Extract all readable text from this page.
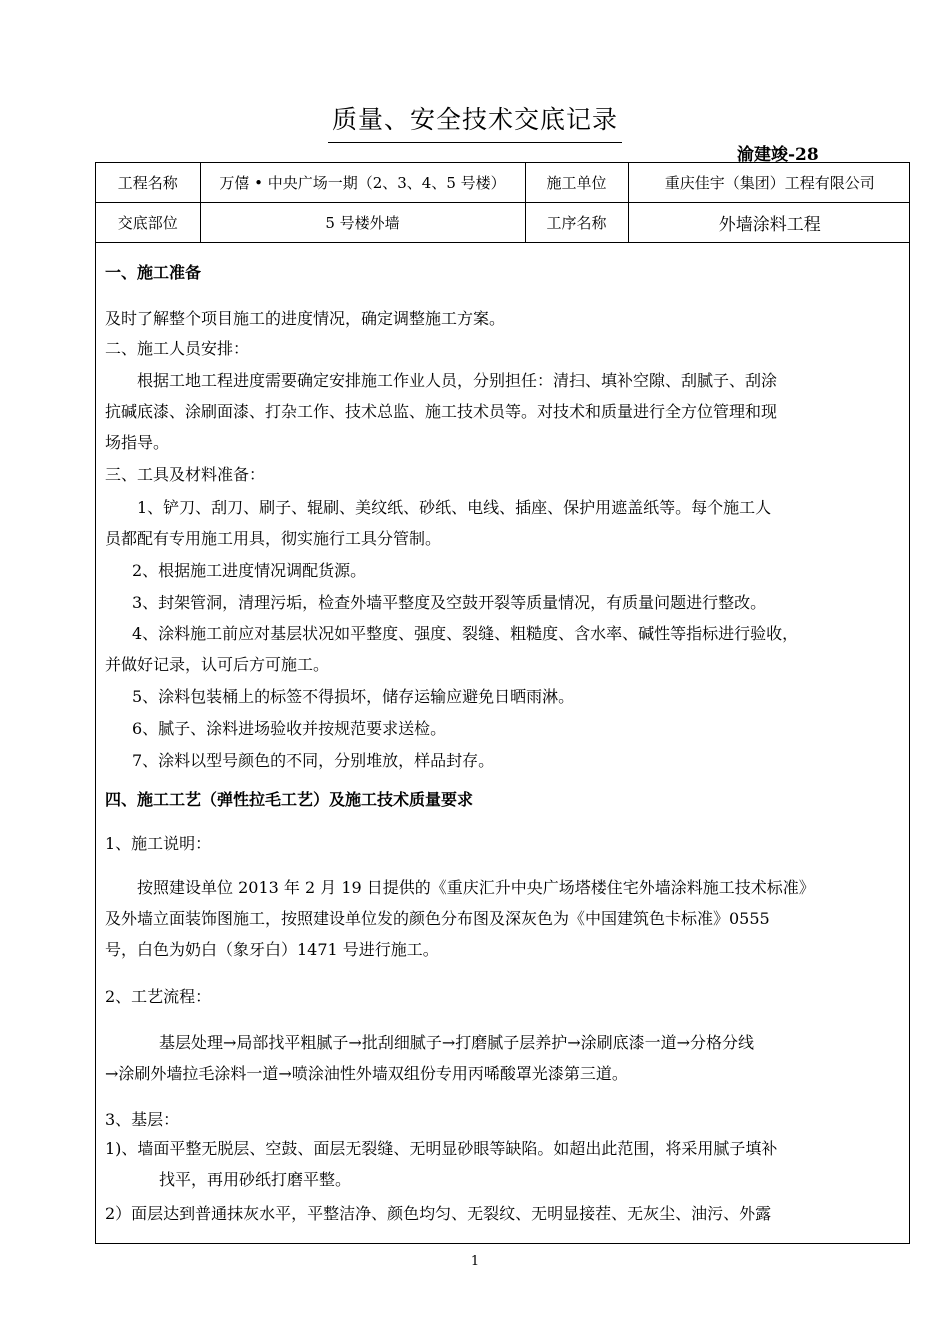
质量、安全技术交底记录
渝建竣-28
工程名称	万僖 • 中央广场一期（2、3、4、5 号楼）	施工单位	重庆佳宇（集团）工程有限公司
交底部位	5 号楼外墙	工序名称	外墙涂料工程

一、施工准备

及时了解整个项目施工的进度情况，确定调整施工方案。

二、施工人员安排：

根据工地工程进度需要确定安排施工作业人员，分别担任：清扫、填补空隙、刮腻子、刮涂

抗碱底漆、涂刷面漆、打杂工作、技术总监、施工技术员等。对技术和质量进行全方位管理和现

场指导。

三、工具及材料准备：

1、铲刀、刮刀、刷子、辊刷、美纹纸、砂纸、电线、插座、保护用遮盖纸等。每个施工人

员都配有专用施工用具，彻实施行工具分管制。

2、根据施工进度情况调配货源。

3、封架管洞，清理污垢，检查外墙平整度及空鼓开裂等质量情况，有质量问题进行整改。

4、涂料施工前应对基层状况如平整度、强度、裂缝、粗糙度、含水率、碱性等指标进行验收，

并做好记录，认可后方可施工。

5、涂料包装桶上的标签不得损坏，储存运输应避免日晒雨淋。

6、腻子、涂料进场验收并按规范要求送检。

7、涂料以型号颜色的不同，分别堆放，样品封存。

四、施工工艺（弹性拉毛工艺）及施工技术质量要求

1、施工说明：

按照建设单位 2013 年 2 月 19 日提供的《重庆汇升中央广场塔楼住宅外墙涂料施工技术标准》

及外墙立面装饰图施工，按照建设单位发的颜色分布图及深灰色为《中国建筑色卡标准》0555

号，白色为奶白（象牙白）1471 号进行施工。

2、工艺流程：

基层处理→局部找平粗腻子→批刮细腻子→打磨腻子层养护→涂刷底漆一道→分格分线

→涂刷外墙拉毛涂料一道→喷涂油性外墙双组份专用丙唏酸罩光漆第三道。

3、基层：

1)、墙面平整无脱层、空鼓、面层无裂缝、无明显砂眼等缺陷。如超出此范围，将采用腻子填补

找平，再用砂纸打磨平整。

2）面层达到普通抹灰水平，平整洁净、颜色均匀、无裂纹、无明显接茬、无灰尘、油污、外露

1
